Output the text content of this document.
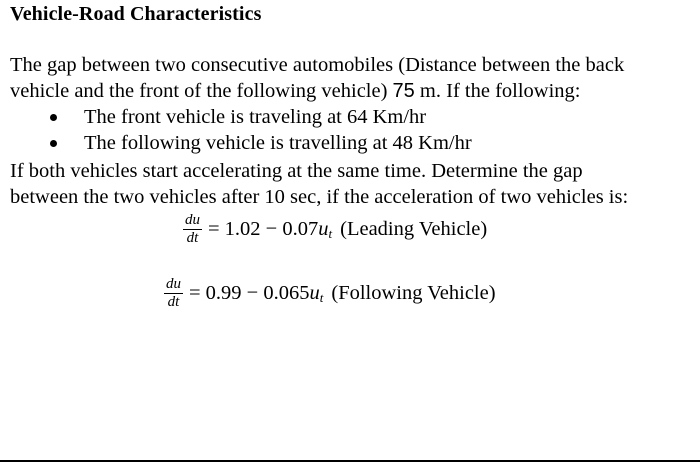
Vehicle-Road Characteristics
The gap between two consecutive automobiles (Distance between the back
vehicle and the front of the following vehicle) 75 m. If the following:
The front vehicle is traveling at 64 Km/hr
The following vehicle is travelling at 48 Km/hr
If both vehicles start accelerating at the same time. Determine the gap
between the two vehicles after 10 sec, if the acceleration of two vehicles is:
$\frac{du}{dt} = 1.02 - 0.07$ $u_t$ (Leading Vehicle)
$\frac{du}{dt} = 0.99 - 0.065$ $u_t$ (Following Vehicle)
